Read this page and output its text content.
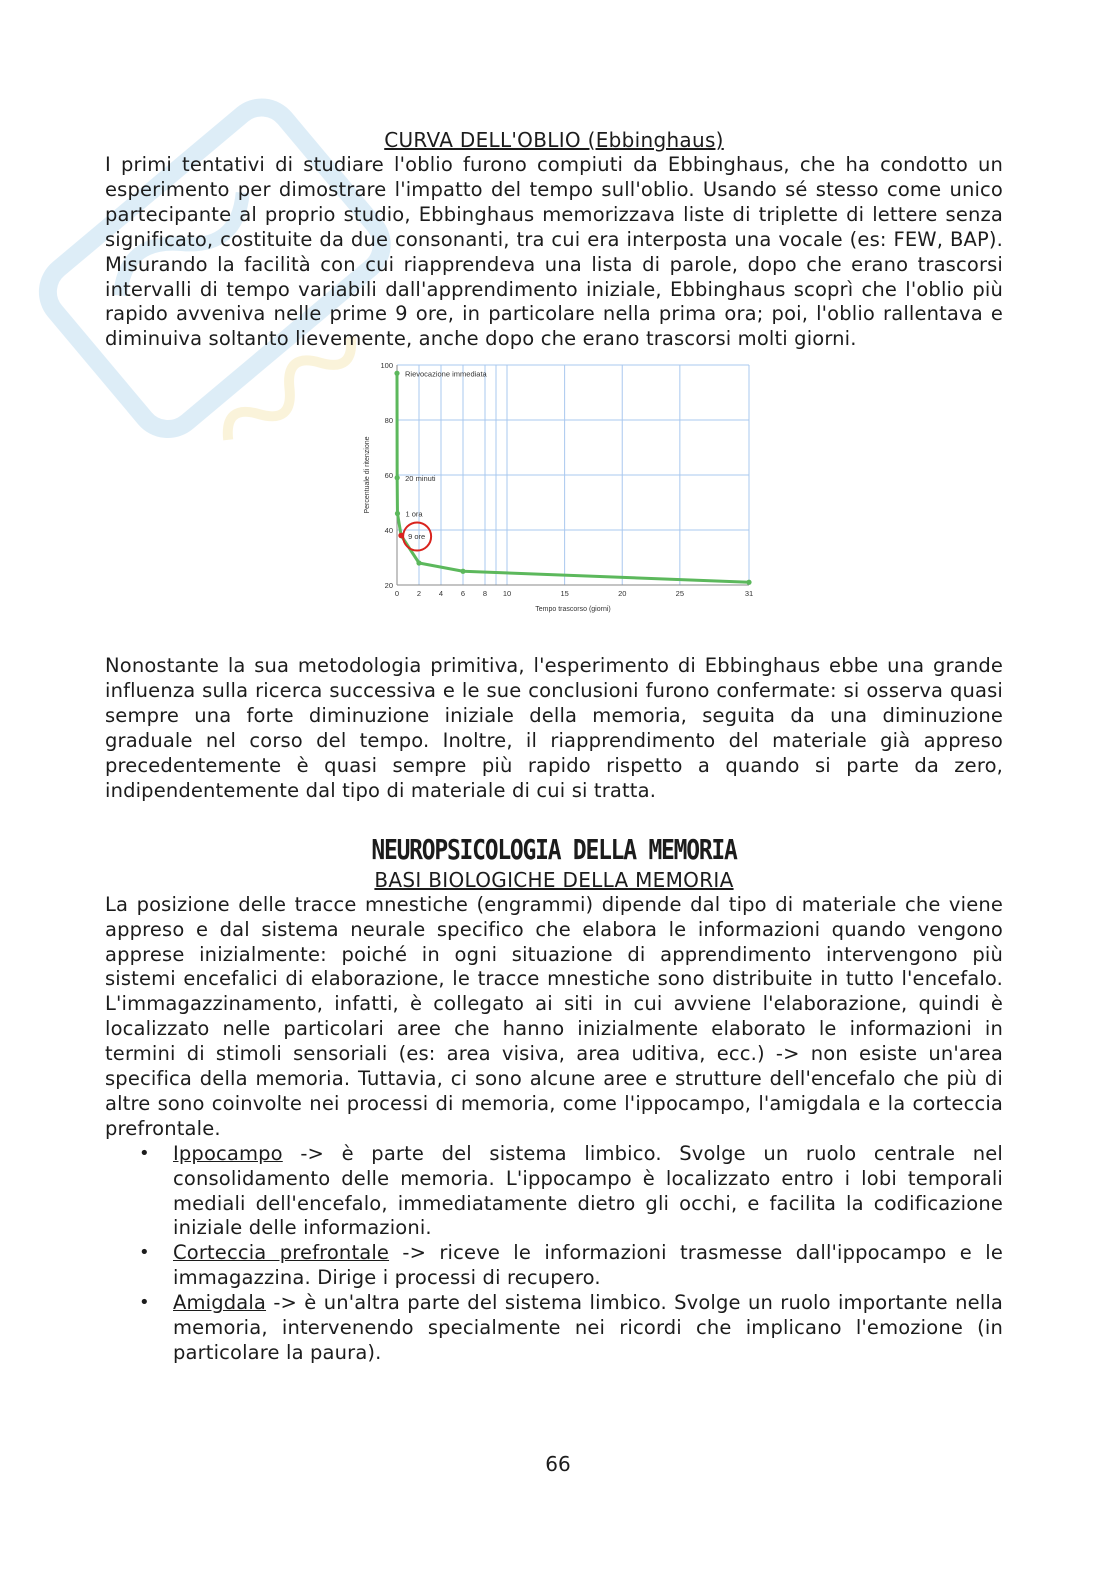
CURVA DELL'OBLIO (Ebbinghaus)

I primi tentativi di studiare l'oblio furono compiuti da Ebbinghaus, che ha condotto un esperimento per dimostrare l'impatto del tempo sull'oblio. Usando sé stesso come unico partecipante al proprio studio, Ebbinghaus memorizzava liste di triplette di lettere senza significato, costituite da due consonanti, tra cui era interposta una vocale (es: FEW, BAP). Misurando la facilità con cui riapprendeva una lista di parole, dopo che erano trascorsi intervalli di tempo variabili dall'apprendimento iniziale, Ebbinghaus scoprì che l'oblio più rapido avveniva nelle prime 9 ore, in particolare nella prima ora; poi, l'oblio rallentava e diminuiva soltanto lievemente, anche dopo che erano trascorsi molti giorni.

0 2 4 6 8 10	15	20	25	31
20
40
60
80
100
Tempo trascorso (giorni)
Percentuale di ritenzione
Rievocazione immediata
20 minuti
1 ora
9 ore

Nonostante la sua metodologia primitiva, l'esperimento di Ebbinghaus ebbe una grande influenza sulla ricerca successiva e le sue conclusioni furono confermate: si osserva quasi sempre una forte diminuzione iniziale della memoria, seguita da una diminuzione graduale nel corso del tempo. Inoltre, il riapprendimento del materiale già appreso precedentemente è quasi sempre più rapido rispetto a quando si parte da zero, indipendentemente dal tipo di materiale di cui si tratta.

NEUROPSICOLOGIA DELLA MEMORIA

BASI BIOLOGICHE DELLA MEMORIA

La posizione delle tracce mnestiche (engrammi) dipende dal tipo di materiale che viene appreso e dal sistema neurale specifico che elabora le informazioni quando vengono apprese inizialmente: poiché in ogni situazione di apprendimento intervengono più sistemi encefalici di elaborazione, le tracce mnestiche sono distribuite in tutto l'encefalo. L'immagazzinamento, infatti, è collegato ai siti in cui avviene l'elaborazione, quindi è localizzato nelle particolari aree che hanno inizialmente elaborato le informazioni in termini di stimoli sensoriali (es: area visiva, area uditiva, ecc.) -> non esiste un'area specifica della memoria. Tuttavia, ci sono alcune aree e strutture dell'encefalo che più di altre sono coinvolte nei processi di memoria, come l'ippocampo, l'amigdala e la corteccia prefrontale.

• Ippocampo -> è parte del sistema limbico. Svolge un ruolo centrale nel consolidamento delle memoria. L'ippocampo è localizzato entro i lobi temporali mediali dell'encefalo, immediatamente dietro gli occhi, e facilita la codificazione iniziale delle informazioni.
• Corteccia prefrontale -> riceve le informazioni trasmesse dall'ippocampo e le immagazzina. Dirige i processi di recupero.
• Amigdala -> è un'altra parte del sistema limbico. Svolge un ruolo importante nella memoria, intervenendo specialmente nei ricordi che implicano l'emozione (in particolare la paura).
66
